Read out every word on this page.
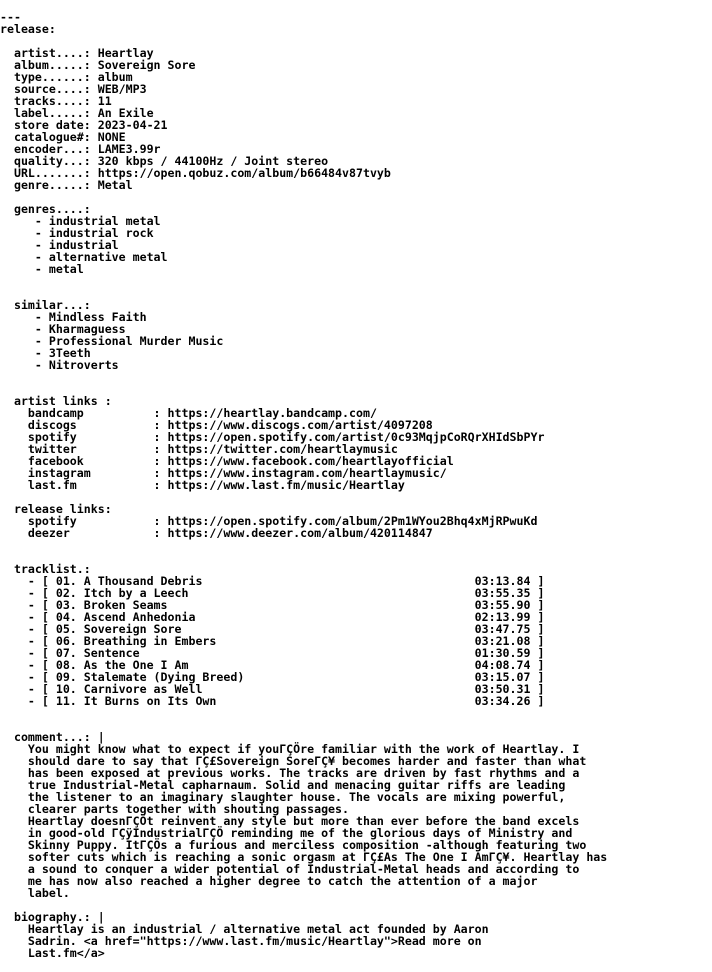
---
release:
artist....: Heartlay
album.....: Sovereign Sore
type......: album
source....: WEB/MP3
tracks....: 11
label.....: An Exile
store date: 2023-04-21
catalogue#: NONE
encoder...: LAME3.99r
quality...: 320 kbps / 44100Hz / Joint stereo
URL.......: https://open.qobuz.com/album/b66484v87tvyb
genre.....: Metal
genres....:
- industrial metal
- industrial rock
- industrial
- alternative metal
- metal
similar...:
- Mindless Faith
- Kharmaguess
- Professional Murder Music
- 3Teeth
- Nitroverts
artist links :
bandcamp          : https://heartlay.bandcamp.com/
discogs           : https://www.discogs.com/artist/4097208
spotify           : https://open.spotify.com/artist/0c93MqjpCoRQrXHIdSbPYr
twitter           : https://twitter.com/heartlaymusic
facebook          : https://www.facebook.com/heartlayofficial
instagram         : https://www.instagram.com/heartlaymusic/
last.fm           : https://www.last.fm/music/Heartlay
release links:
spotify           : https://open.spotify.com/album/2Pm1WYou2Bhq4xMjRPwuKd
deezer            : https://www.deezer.com/album/420114847
tracklist.:
- [ 01. A Thousand Debris                                       03:13.84 ]
- [ 02. Itch by a Leech                                         03:55.35 ]
- [ 03. Broken Seams                                            03:55.90 ]
- [ 04. Ascend Anhedonia                                        02:13.99 ]
- [ 05. Sovereign Sore                                          03:47.75 ]
- [ 06. Breathing in Embers                                     03:21.08 ]
- [ 07. Sentence                                                01:30.59 ]
- [ 08. As the One I Am                                         04:08.74 ]
- [ 09. Stalemate (Dying Breed)                                 03:15.07 ]
- [ 10. Carnivore as Well                                       03:50.31 ]
- [ 11. It Burns on Its Own                                     03:34.26 ]
comment...: |
You might know what to expect if youΓÇÖre familiar with the work of Heartlay. I
should dare to say that ΓÇ£Sovereign SoreΓÇ¥ becomes harder and faster than what
has been exposed at previous works. The tracks are driven by fast rhythms and a
true Industrial-Metal capharnaum. Solid and menacing guitar riffs are leading
the listener to an imaginary slaughter house. The vocals are mixing powerful,
clearer parts together with shouting passages.
Heartlay doesnΓÇÖt reinvent any style but more than ever before the band excels
in good-old ΓÇÿIndustrialΓÇÖ reminding me of the glorious days of Ministry and
Skinny Puppy. ItΓÇÖs a furious and merciless composition -although featuring two
softer cuts which is reaching a sonic orgasm at ΓÇ£As The One I AmΓÇ¥. Heartlay has
a sound to conquer a wider potential of Industrial-Metal heads and according to
me has now also reached a higher degree to catch the attention of a major
label.
biography.: |
Heartlay is an industrial / alternative metal act founded by Aaron
Sadrin. <a href="https://www.last.fm/music/Heartlay">Read more on
Last.fm</a>
